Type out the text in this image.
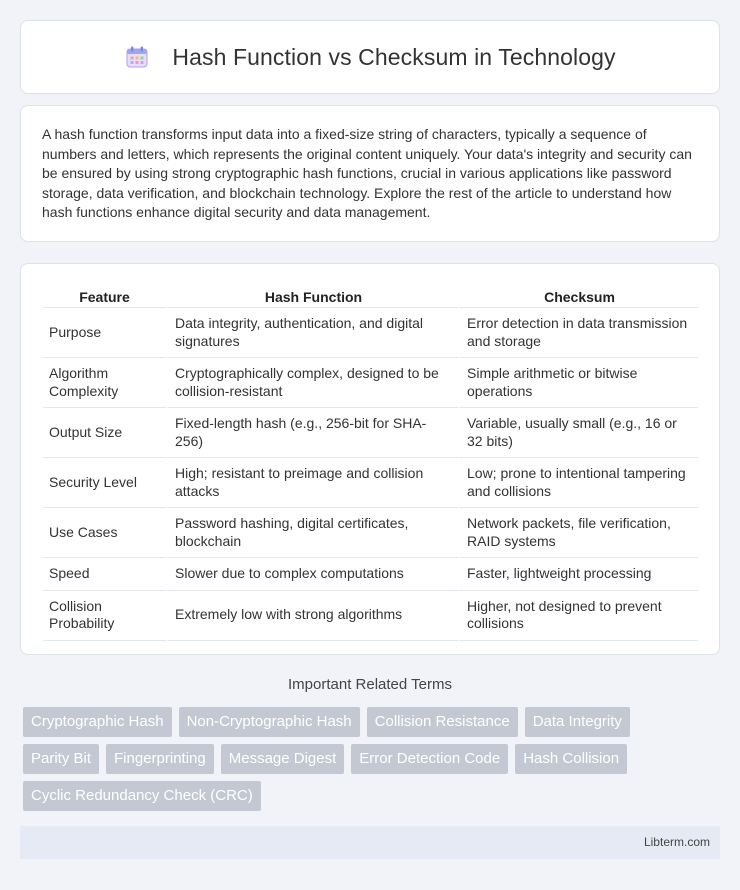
Hash Function vs Checksum in Technology

A hash function transforms input data into a fixed-size string of characters, typically a sequence of numbers and letters, which represents the original content uniquely. Your data's integrity and security can be ensured by using strong cryptographic hash functions, crucial in various applications like password storage, data verification, and blockchain technology. Explore the rest of the article to understand how hash functions enhance digital security and data management.

Feature	Hash Function	Checksum
Purpose	Data integrity, authentication, and digital signatures	Error detection in data transmission and storage
Algorithm Complexity	Cryptographically complex, designed to be collision-resistant	Simple arithmetic or bitwise operations
Output Size	Fixed-length hash (e.g., 256-bit for SHA-256)	Variable, usually small (e.g., 16 or 32 bits)
Security Level	High; resistant to preimage and collision attacks	Low; prone to intentional tampering and collisions
Use Cases	Password hashing, digital certificates, blockchain	Network packets, file verification, RAID systems
Speed	Slower due to complex computations	Faster, lightweight processing
Collision Probability	Extremely low with strong algorithms	Higher, not designed to prevent collisions
Important Related Terms
Cryptographic Hash	Non-Cryptographic Hash	Collision Resistance	Data Integrity
Parity Bit	Fingerprinting	Message Digest	Error Detection Code	Hash Collision
Cyclic Redundancy Check (CRC)
Libterm.com
